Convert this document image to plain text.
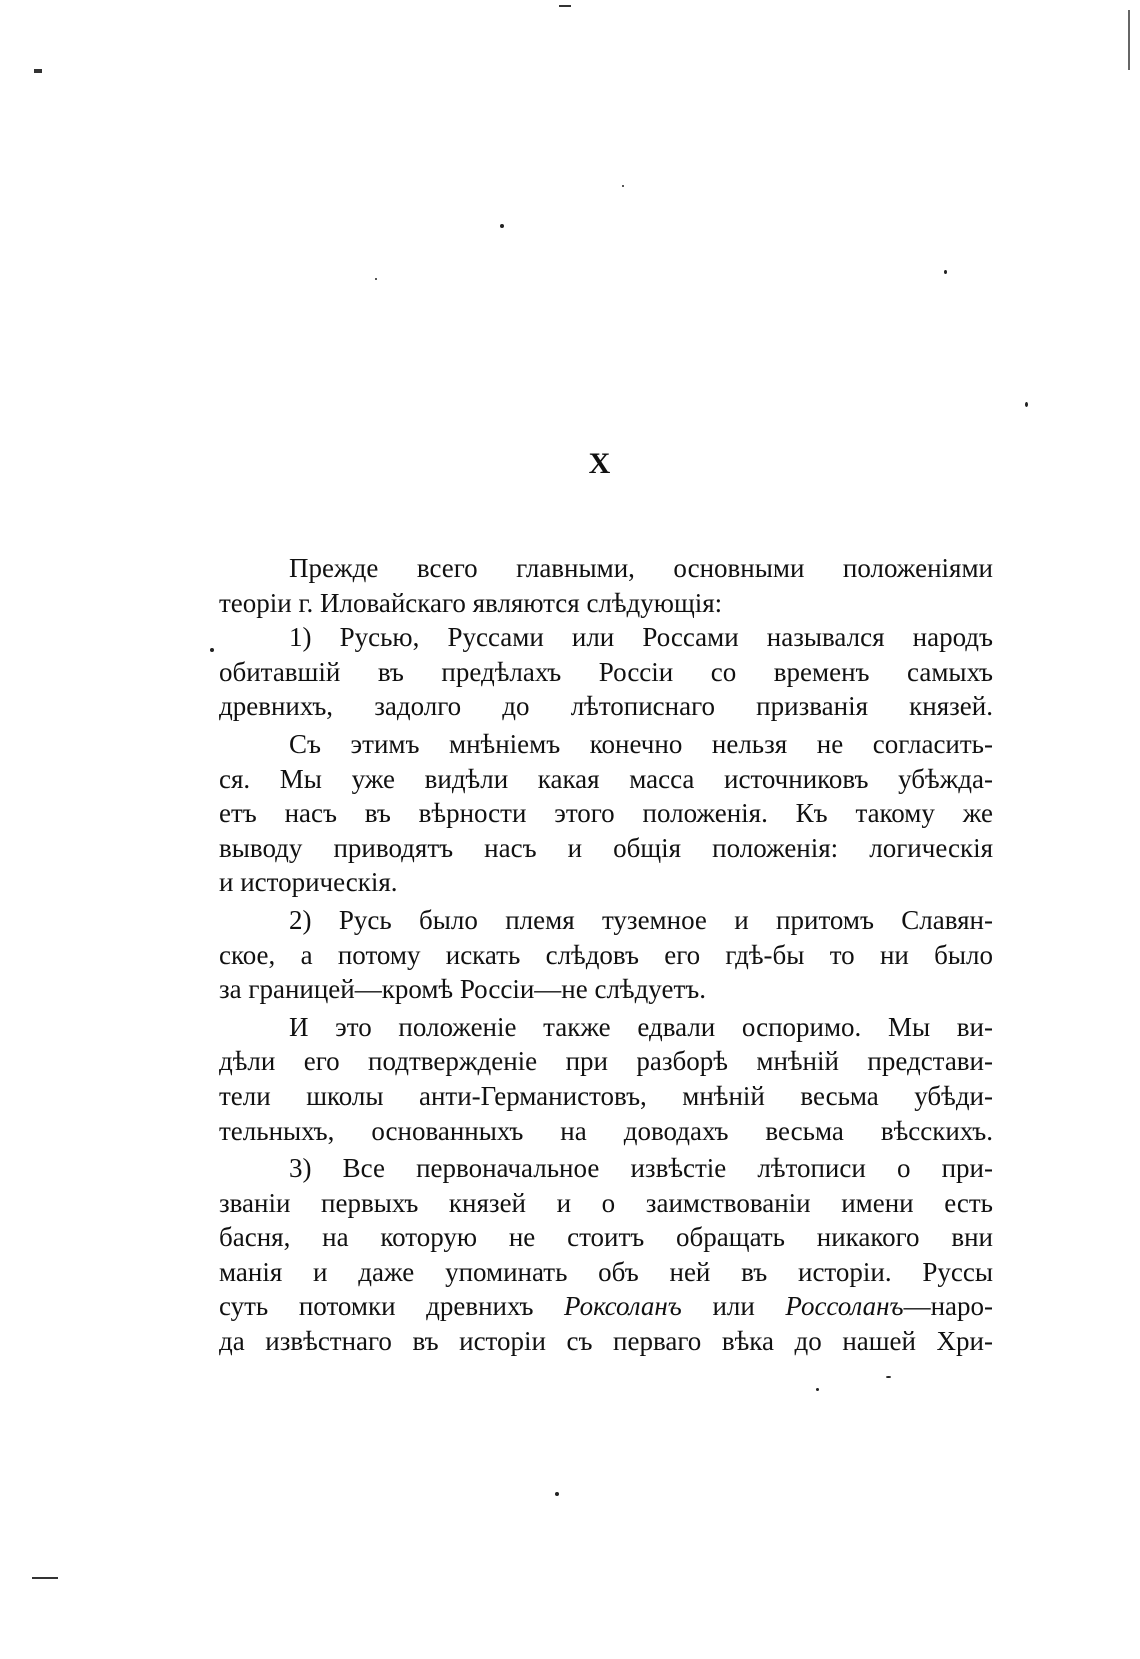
X
Прежде всего главными, основными положеніями
теоріи г. Иловайскаго являются слѣдующія:
1) Русью, Руссами или Россами назывался народъ
обитавшій въ предѣлахъ Россіи со временъ самыхъ
древнихъ, задолго до лѣтописнаго призванія князей.
Съ этимъ мнѣніемъ конечно нельзя не согласить-
ся. Мы уже видѣли какая масса источниковъ убѣжда-
етъ насъ въ вѣрности этого положенія. Къ такому же
выводу приводятъ насъ и общія положенія: логическія
и историческія.
2) Русь было племя туземное и притомъ Славян-
ское, а потому искать слѣдовъ его гдѣ-бы то ни было
за границей—кромѣ Россіи—не слѣдуетъ.
И это положеніе также едвали оспоримо. Мы ви-
дѣли его подтвержденіе при разборѣ мнѣній представи-
тели школы анти-Германистовъ, мнѣній весьма убѣди-
тельныхъ, основанныхъ на доводахъ весьма вѣсскихъ.
3) Все первоначальное извѣстіе лѣтописи о при-
званіи первыхъ князей и о заимствованіи имени есть
басня, на которую не стоитъ обращать никакого вни
манія и даже упоминать объ ней въ исторіи. Руссы
суть потомки древнихъ Роксоланъ или Россоланъ—наро-
да извѣстнаго въ исторіи съ перваго вѣка до нашей Хри-
